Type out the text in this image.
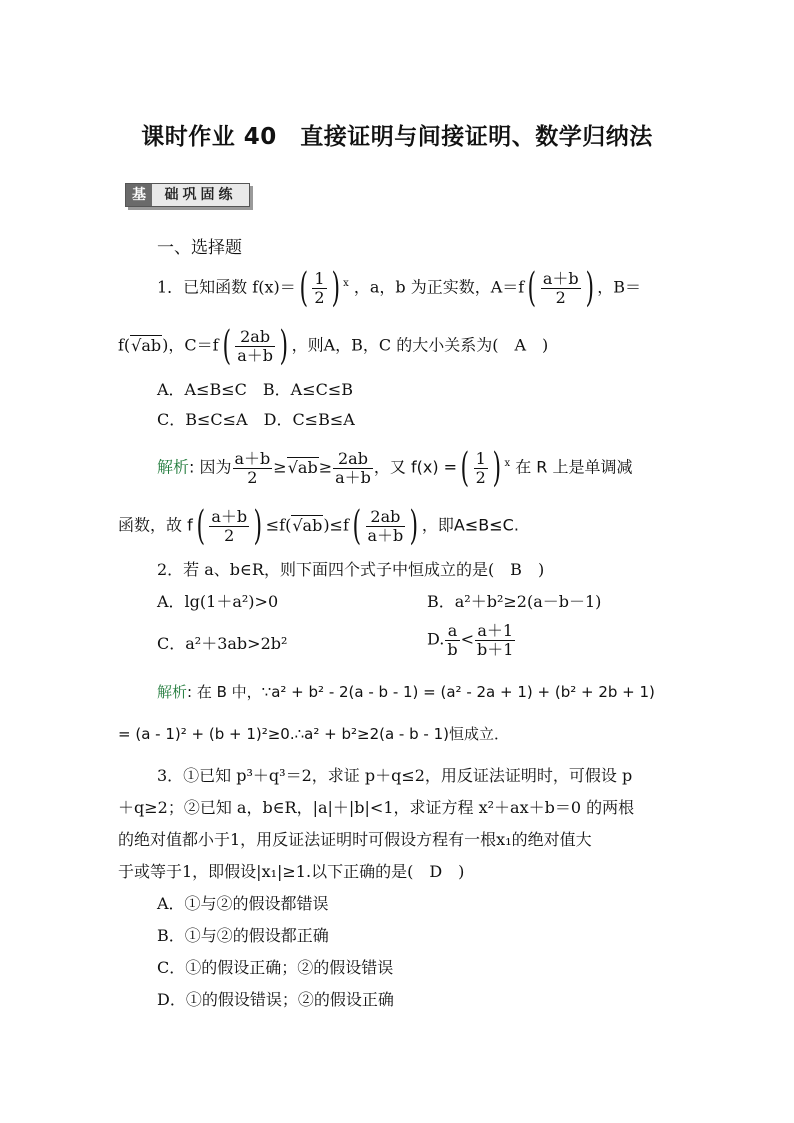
课时作业 40　直接证明与间接证明、数学归纳法
基	础巩固练
一、选择题
1．已知函数 $f(x)=( \frac{1}{2}$ ) $^x$ ，a，b 为正实数，$A=f( \frac{a+b}{2}$ ) ，B＝
f(√ab)，$C=f( \frac{2ab}{a+b}$ ) ，则A，B，C 的大小关系为(　A　)
A．A≤B≤C　B．A≤C≤B
C．B≤C≤A　D．C≤B≤A
解析: 因为 $\frac{a+b}{2} \ge√ab\ge \frac{2ab}{a+b}$ ，又 f(x) =( $\frac{1}{2}$ ) $^x$ 在 R 上是单调减
函数，故 $f( \frac{a+b}{2}$ ) $\le f(√ab)\le f( \frac{2ab}{a+b}$ ) ，即A≤B≤C.
2．若 a、b∈R，则下面四个式子中恒成立的是(　B　)
A．lg(1＋a²)>0	B．a²＋b²≥2(a－b－1)
C．a²＋3ab>2b²	D. $\frac{a}{b} < \frac{a+1}{b+1}$
解析: 在 B 中，∵a² + b² ‐ 2(a ‐ b ‐ 1) = (a² ‐ 2a + 1) + (b² + 2b + 1)
= (a ‐ 1)² + (b + 1)²≥0.∴a² + b²≥2(a ‐ b ‐ 1)恒成立．
3．①已知 p³＋q³＝2，求证 p＋q≤2，用反证法证明时，可假设 p
＋q≥2；②已知 a，b∈R，|a|＋|b|<1，求证方程 x²＋ax＋b＝0 的两根
的绝对值都小于1，用反证法证明时可假设方程有一根x₁的绝对值大
于或等于1，即假设|x₁|≥1.以下正确的是(　D　)
A．①与②的假设都错误
B．①与②的假设都正确
C．①的假设正确；②的假设错误
D．①的假设错误；②的假设正确
